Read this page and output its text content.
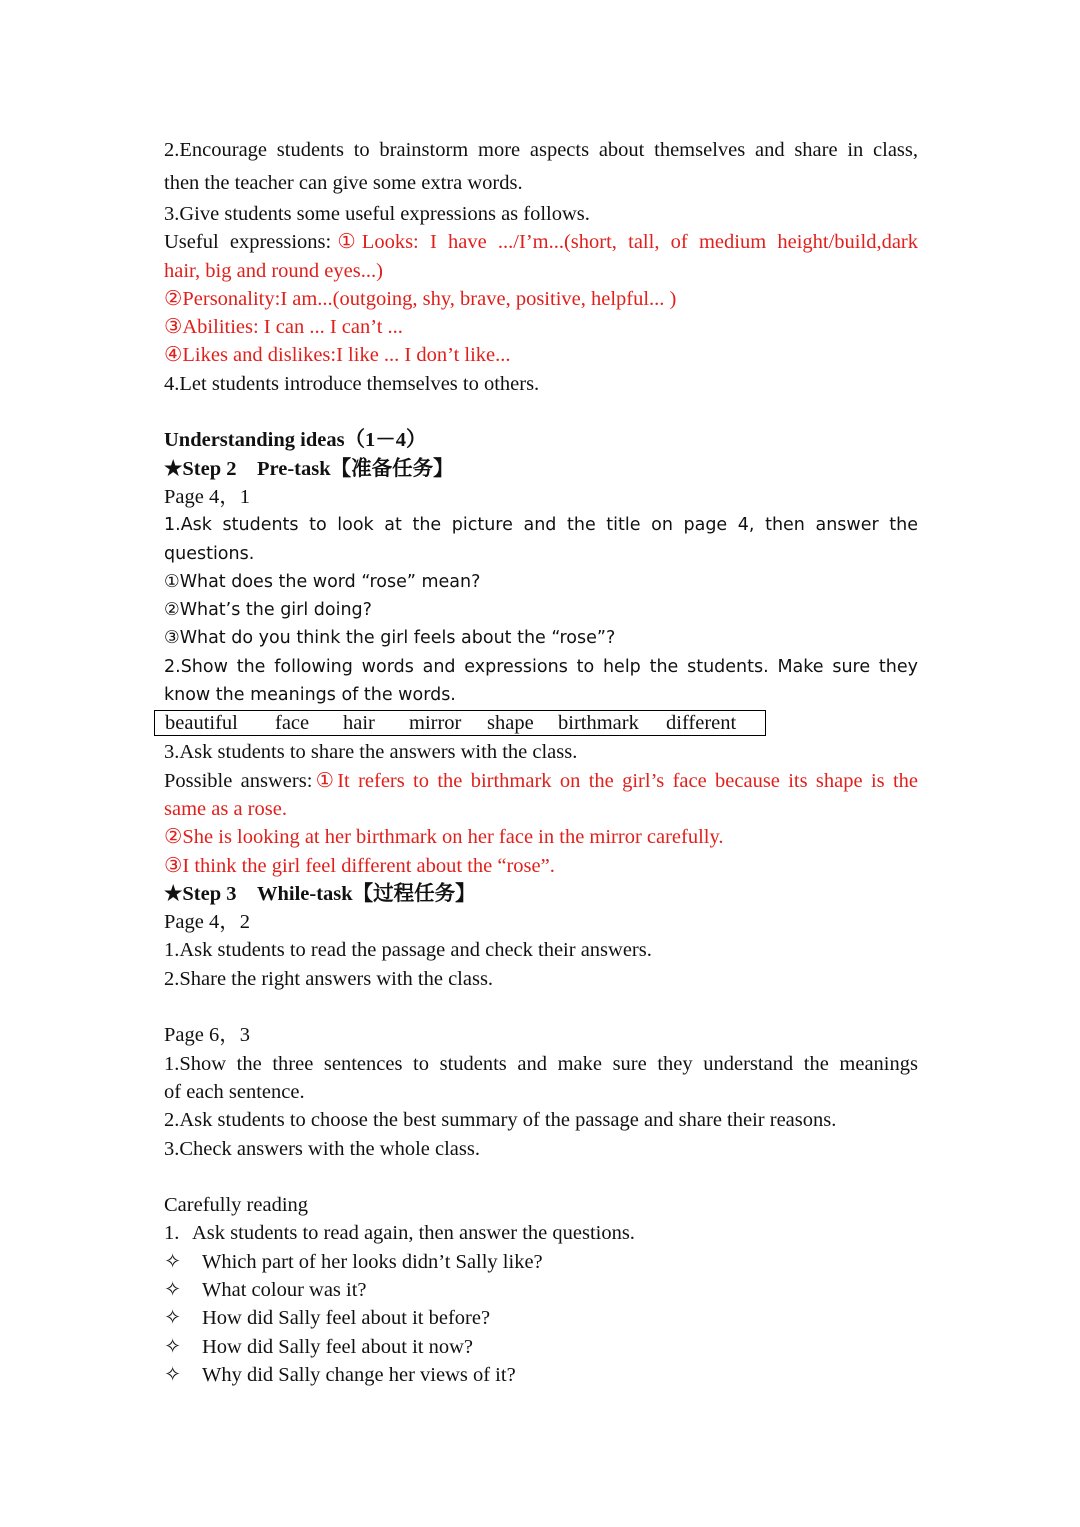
2.Encourage students to brainstorm more aspects about themselves and share in class,
then the teacher can give some extra words.
3.Give students some useful expressions as follows.
Useful expressions:①Looks: I have .../I’m...(short, tall, of medium height/build,dark
hair, big and round eyes...)
②Personality:I am...(outgoing, shy, brave, positive, helpful... )
③Abilities: I can ... I can’t ...
④Likes and dislikes:I like ... I don’t like...
4.Let students introduce themselves to others.
Understanding ideas（1－4）
★Step 2　Pre-task【准备任务】
Page 4，1
1.Ask students to look at the picture and the title on page 4, then answer the
questions.
①What does the word “rose” mean?
②What’s the girl doing?
③What do you think the girl feels about the “rose”?
2.Show the following words and expressions to help the students. Make sure they
know the meanings of the words.
beautiful face hair mirror shape birthmark different
3.Ask students to share the answers with the class.
Possible answers:①It refers to the birthmark on the girl’s face because its shape is the
same as a rose.
②She is looking at her birthmark on her face in the mirror carefully.
③I think the girl feel different about the “rose”.
★Step 3　While-task【过程任务】
Page 4，2
1.Ask students to read the passage and check their answers.
2.Share the right answers with the class.
Page 6，3
1.Show the three sentences to students and make sure they understand the meanings
of each sentence.
2.Ask students to choose the best summary of the passage and share their reasons.
3.Check answers with the whole class.
Carefully reading
1. Ask students to read again, then answer the questions.
✧ Which part of her looks didn’t Sally like?
✧ What colour was it?
✧ How did Sally feel about it before?
✧ How did Sally feel about it now?
✧ Why did Sally change her views of it?
